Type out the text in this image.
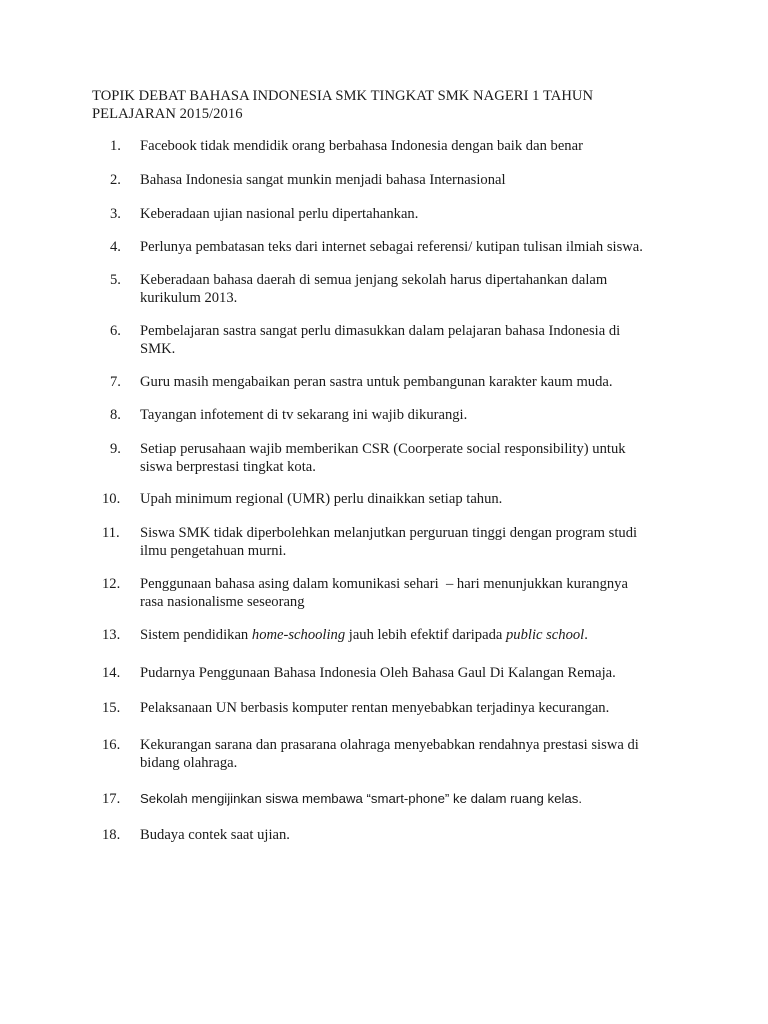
TOPIK DEBAT BAHASA INDONESIA SMK TINGKAT SMK NAGERI 1 TAHUN
PELAJARAN 2015/2016
1.	Facebook tidak mendidik orang berbahasa Indonesia dengan baik dan benar
2.	Bahasa Indonesia sangat munkin menjadi bahasa Internasional
3.	Keberadaan ujian nasional perlu dipertahankan.
4.	Perlunya pembatasan teks dari internet sebagai referensi/ kutipan tulisan ilmiah siswa.
5.	Keberadaan bahasa daerah di semua jenjang sekolah harus dipertahankan dalam
kurikulum 2013.
6.	Pembelajaran sastra sangat perlu dimasukkan dalam pelajaran bahasa Indonesia di
SMK.
7.	Guru masih mengabaikan peran sastra untuk pembangunan karakter kaum muda.
8.	Tayangan infotement di tv sekarang ini wajib dikurangi.
9.	Setiap perusahaan wajib memberikan CSR (Coorperate social responsibility) untuk
siswa berprestasi tingkat kota.
10.	Upah minimum regional (UMR) perlu dinaikkan setiap tahun.
11.	Siswa SMK tidak diperbolehkan melanjutkan perguruan tinggi dengan program studi
ilmu pengetahuan murni.
12.	Penggunaan bahasa asing dalam komunikasi sehari  – hari menunjukkan kurangnya
rasa nasionalisme seseorang
13.	Sistem pendidikan home-schooling jauh lebih efektif daripada public school.
14.	Pudarnya Penggunaan Bahasa Indonesia Oleh Bahasa Gaul Di Kalangan Remaja.
15.	Pelaksanaan UN berbasis komputer rentan menyebabkan terjadinya kecurangan.
16.	Kekurangan sarana dan prasarana olahraga menyebabkan rendahnya prestasi siswa di
bidang olahraga.
17.	Sekolah mengijinkan siswa membawa “smart-phone” ke dalam ruang kelas.
18.	Budaya contek saat ujian.
